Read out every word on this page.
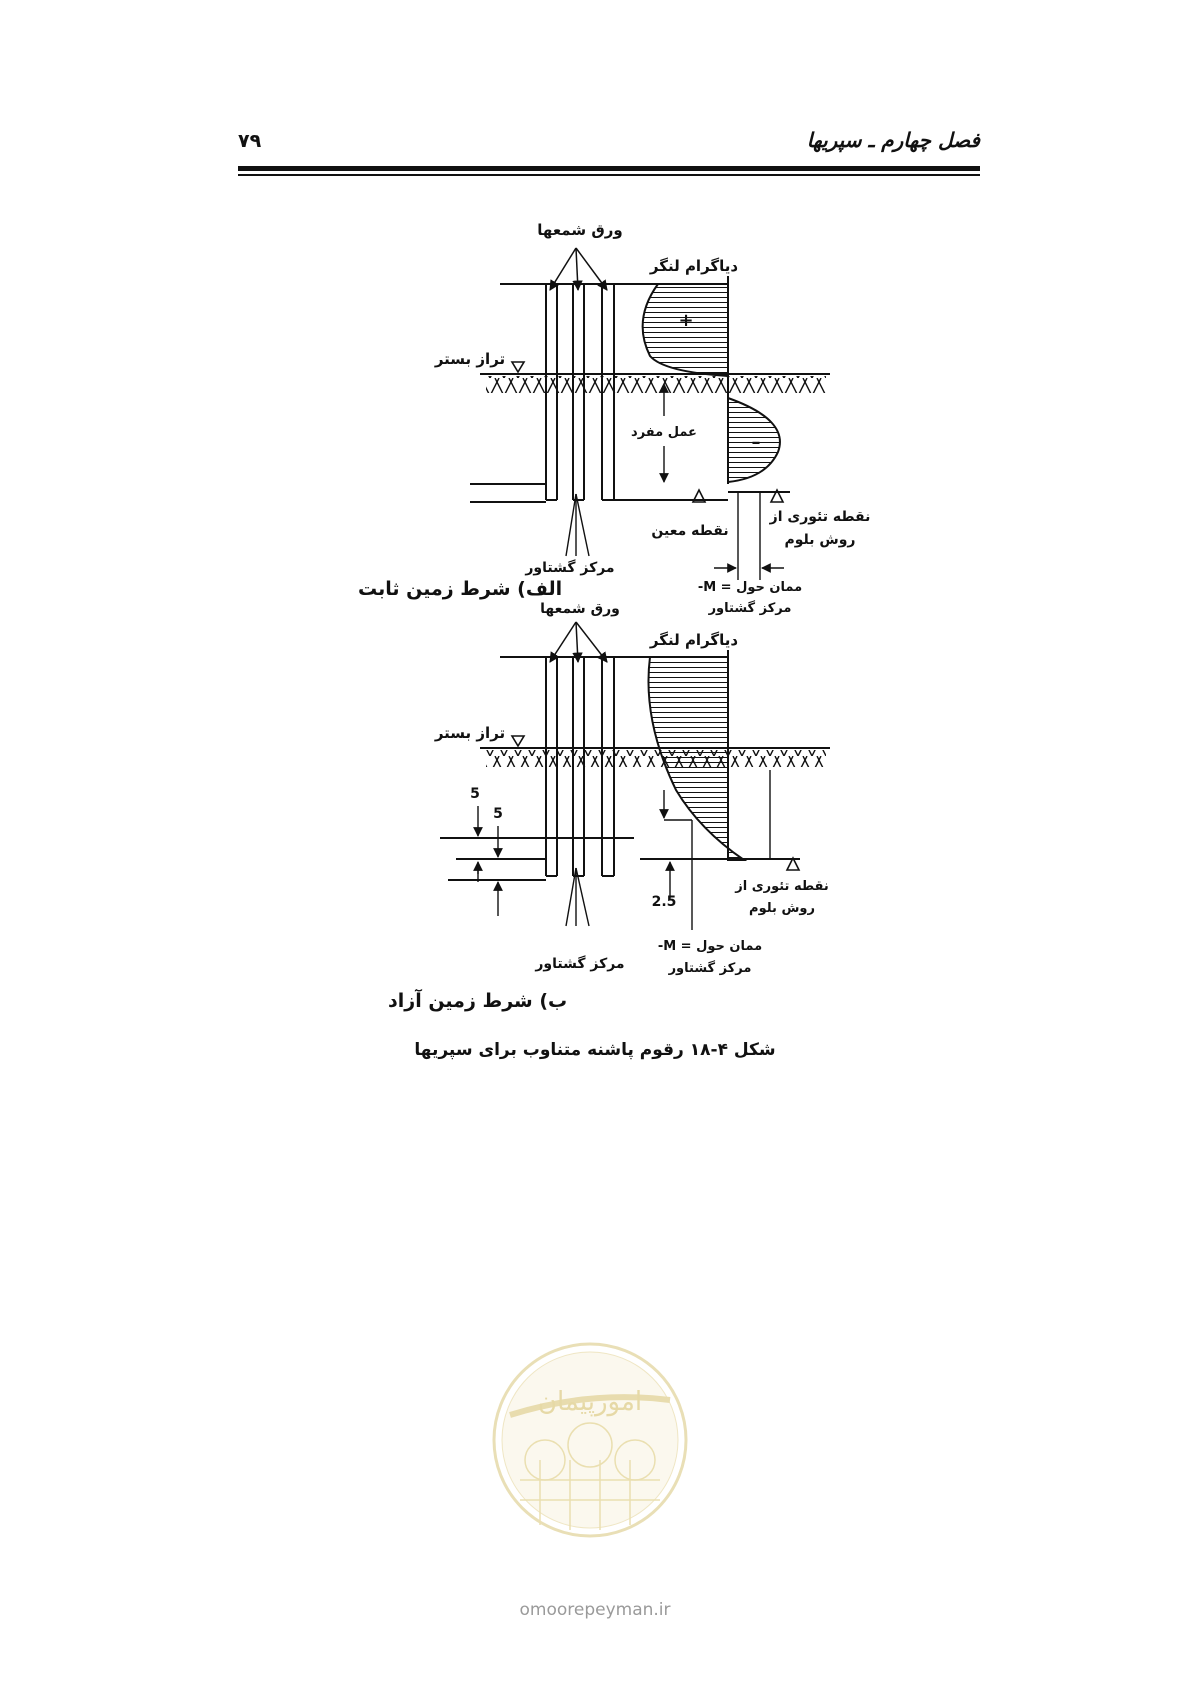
۷۹	فصل چهارم ـ سپریها
ورق شمعها
دیاگرام لنگر
تراز بستر
+
–
عمل مفرد
نقطه معین
مرکز گشتاور
نقطه تئوری از
روش بلوم
ممان حول = M-
مرکز گشتاور
ورق شمعها
دیاگرام لنگر
تراز بستر
5
5
2.5
مرکز گشتاور
نقطه تئوری از
روش بلوم
ممان حول = M-
مرکز گشتاور
الف) شرط زمین ثابت
ب) شرط زمین آزاد
شکل ۴-۱۸ رقوم پاشنه متناوب برای سپریها
امورپیمان
omoorepeyman.ir
